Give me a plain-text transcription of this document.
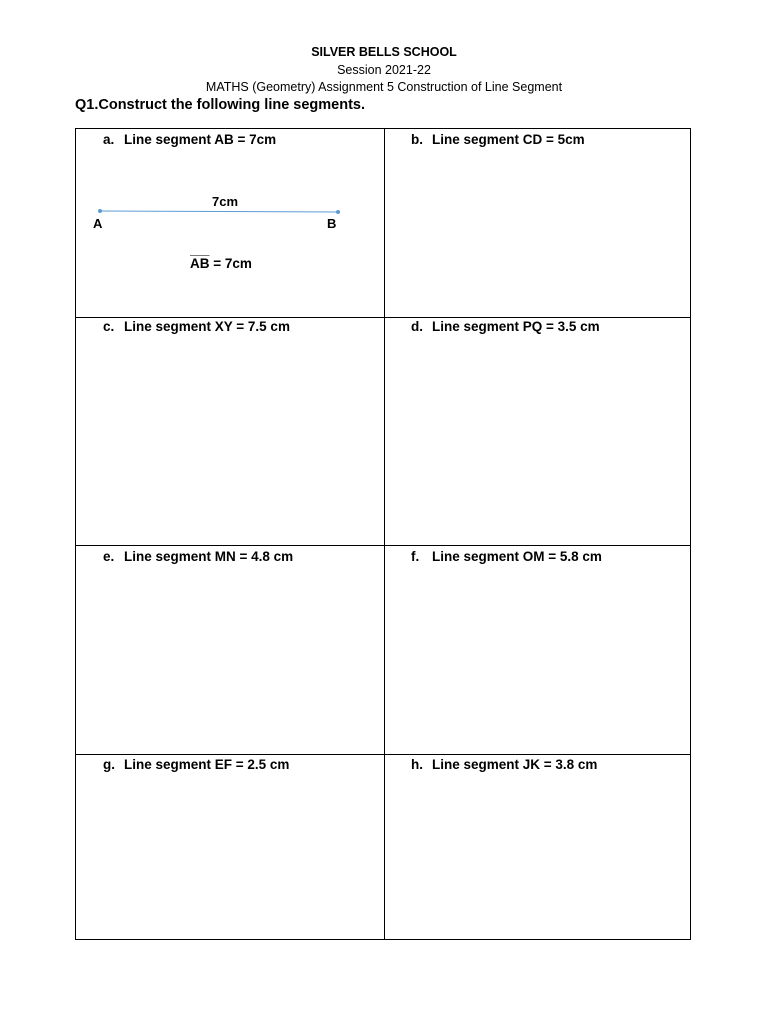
SILVER BELLS SCHOOL
Session 2021-22
MATHS (Geometry) Assignment 5 Construction of Line Segment
Q1.Construct the following line segments.
a. Line segment AB = 7cm	b. Line segment CD = 5cm
A	B
7cm
$\overline{AB} = 7cm$
c. Line segment XY = 7.5 cm	d. Line segment PQ = 3.5 cm
e. Line segment MN = 4.8 cm	f. Line segment OM = 5.8 cm
g. Line segment EF = 2.5 cm	h. Line segment JK = 3.8 cm
